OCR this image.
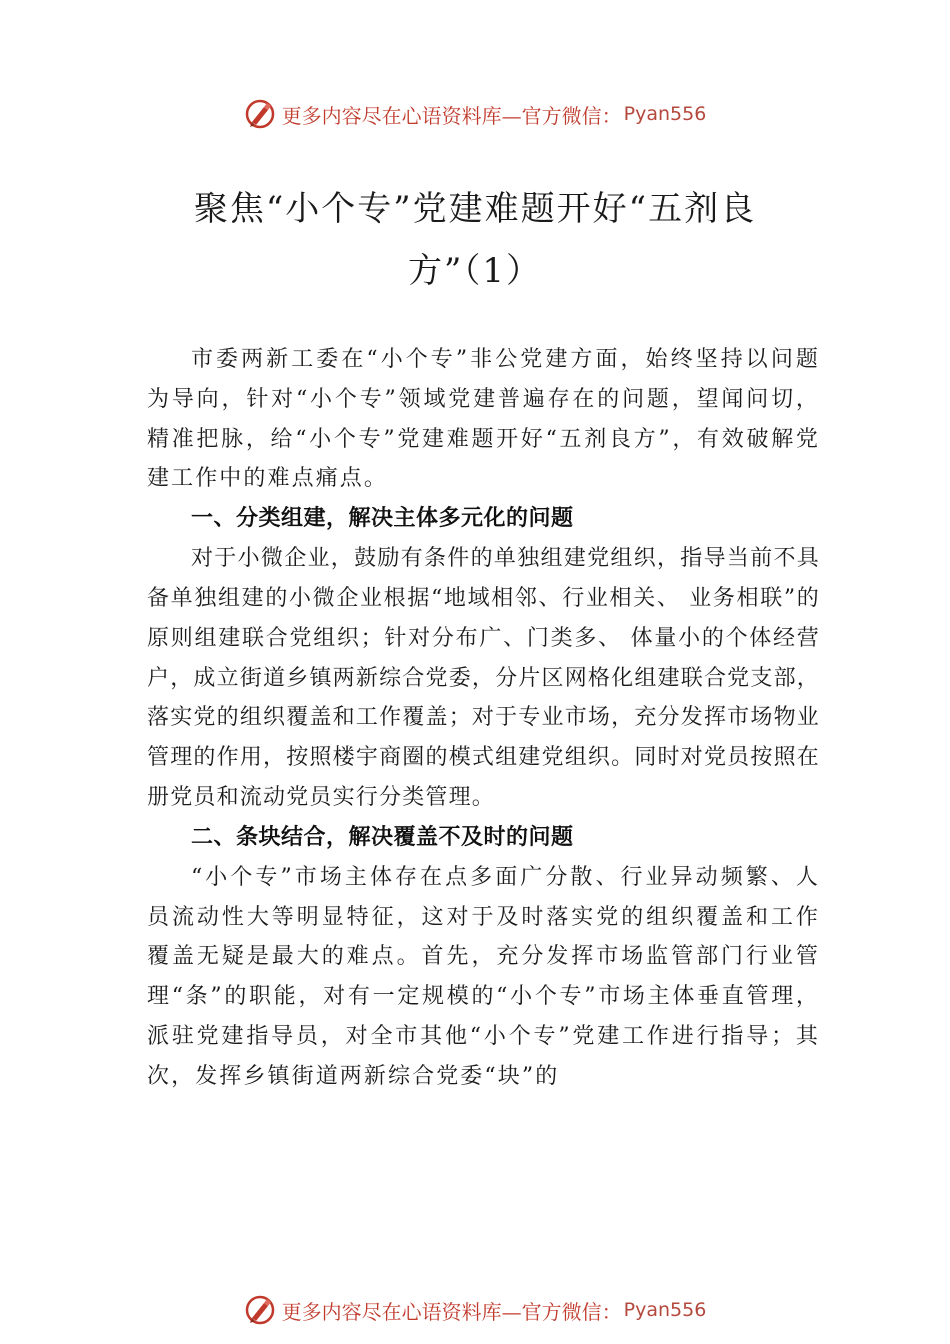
更多内容尽在心语资料库—官方微信： Pyan556
聚焦“小个专”党建难题开好“五剂良
方”（1）

市委两新工委在“小个专”非公党建方面，始终坚持以问题为导向，针对“小个专”领域党建普遍存在的问题，望闻问切，精准把脉，给“小个专”党建难题开好“五剂良方”，有效破解党建工作中的难点痛点。

一、分类组建，解决主体多元化的问题

对于小微企业，鼓励有条件的单独组建党组织，指导当前不具备单独组建的小微企业根据“地域相邻、行业相关、 业务相联”的原则组建联合党组织；针对分布广、门类多、 体量小的个体经营户，成立街道乡镇两新综合党委，分片区网格化组建联合党支部，落实党的组织覆盖和工作覆盖；对于专业市场，充分发挥市场物业管理的作用，按照楼宇商圈的模式组建党组织。同时对党员按照在册党员和流动党员实行分类管理。

二、条块结合，解决覆盖不及时的问题

“小个专”市场主体存在点多面广分散、行业异动频繁、人员流动性大等明显特征，这对于及时落实党的组织覆盖和工作覆盖无疑是最大的难点。首先，充分发挥市场监管部门行业管理“条”的职能，对有一定规模的“小个专”市场主体垂直管理，派驻党建指导员，对全市其他“小个专”党建工作进行指导；其次，发挥乡镇街道两新综合党委“块”的

更多内容尽在心语资料库—官方微信： Pyan556
